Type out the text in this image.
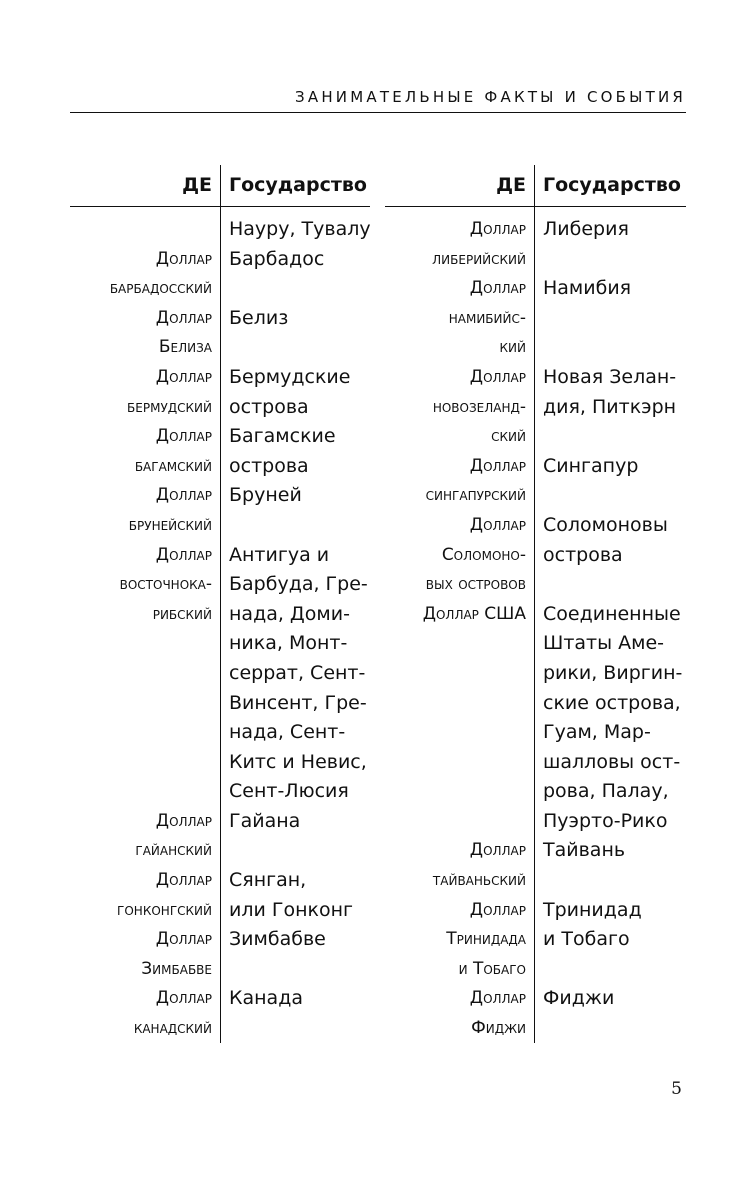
ЗАНИМАТЕЛЬНЫЕ ФАКТЫ И СОБЫТИЯ
ДЕ Государство
Науру, Тувалу
Доллар
барбадосский
Барбадос
Доллар
Белиза
Белиз
Доллар
бермудский
Бермудские
острова
Доллар
багамский
Багамские
острова
Доллар
брунейский
Бруней
Доллар
восточнока-
рибский
Антигуа и
Барбуда, Гре-
нада, Доми-
ника, Монт-
серрат, Сент-
Винсент, Гре-
нада, Сент-
Китс и Невис,
Сент-Люсия
Доллар
гайанский
Гайана
Доллар
гонконгский
Сянган,
или Гонконг
Доллар
Зимбабве
Зимбабве
Доллар
канадский
Канада
ДЕ Государство
Доллар
либерийский
Либерия
Доллар
намибийс-
кий
Намибия
Доллар
новозеланд-
ский
Новая Зелан-
дия, Питкэрн
Доллар
сингапурский
Сингапур
Доллар
Соломоно-
вых островов
Соломоновы
острова
Доллар США Соединенные
Штаты Аме-
рики, Виргин-
ские острова,
Гуам, Мар-
шалловы ост-
рова, Палау,
Пуэрто-Рико
Доллар
тайваньский
Тайвань
Доллар
Тринидада
и Тобаго
Тринидад
и Тобаго
Доллар
Фиджи
Фиджи
5
